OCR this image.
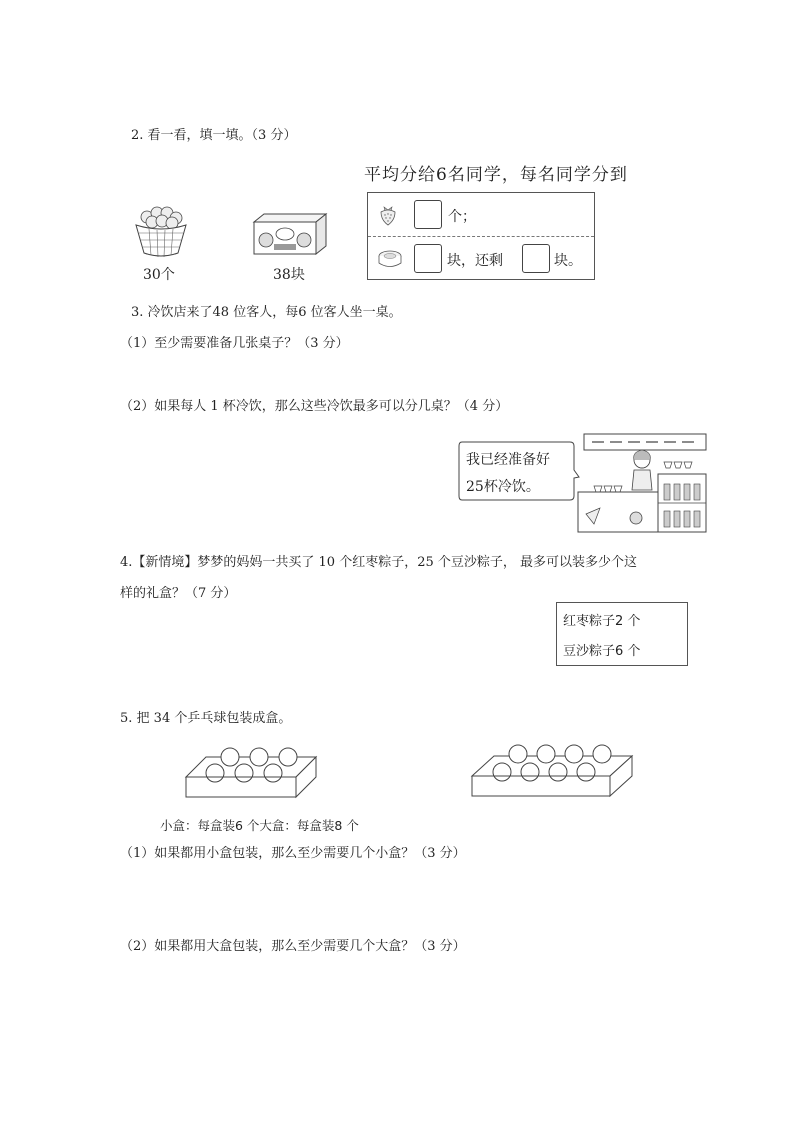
2. 看一看，填一填。（3 分）
30个	38块
平均分给6名同学，每名同学分到
个；
块，还剩	块。
3. 冷饮店来了48 位客人，每6 位客人坐一桌。
（1）至少需要准备几张桌子？（3 分）
（2）如果每人 1 杯冷饮，那么这些冷饮最多可以分几桌？（4 分）
我已经准备好
25杯冷饮。
4.【新情境】梦梦的妈妈一共买了 10 个红枣粽子，25 个豆沙粽子， 最多可以装多少个这
样的礼盒？（7 分）
红枣粽子2 个
豆沙粽子6 个
5. 把 34 个乒乓球包装成盒。
小盒：每盒装6 个大盒：每盒装8 个
（1）如果都用小盒包装，那么至少需要几个小盒？（3 分）
（2）如果都用大盒包装，那么至少需要几个大盒？（3 分）
